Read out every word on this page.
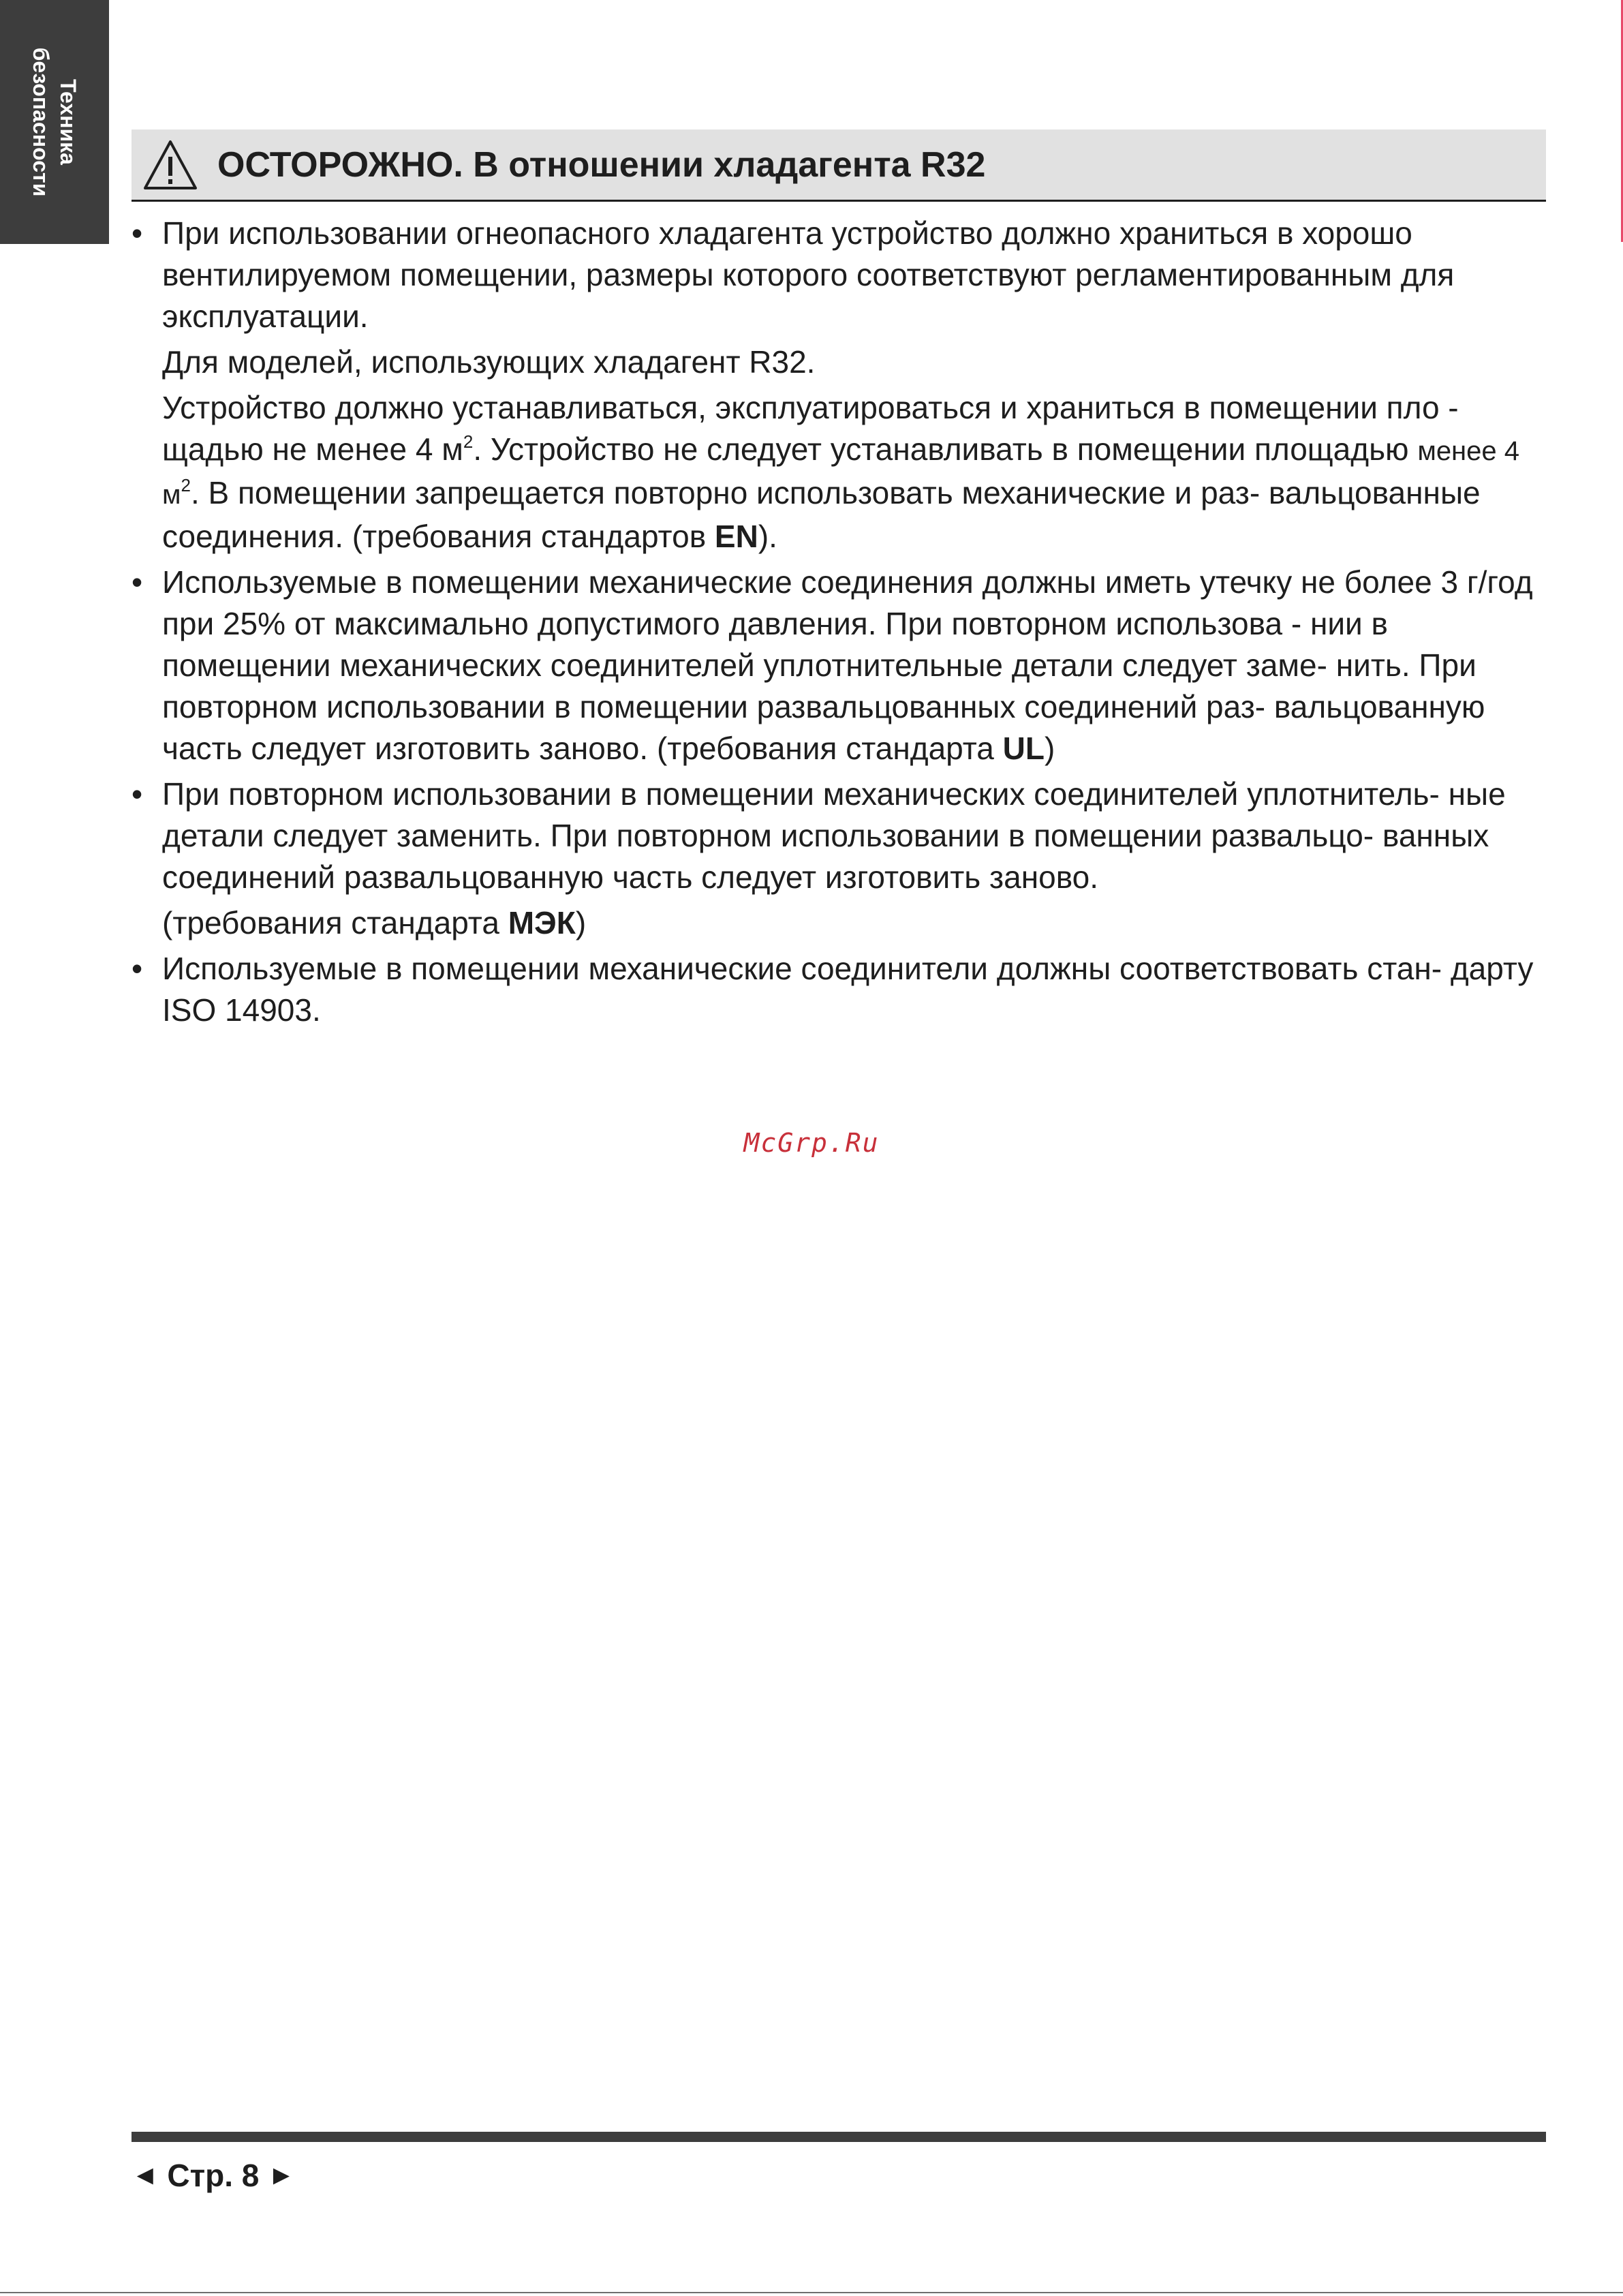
Техника
безопасности	ОСТОРОЖНО. В отношении хладагента R32
• При использовании огнеопасного хладагента устройство должно храниться в хорошо вентилируемом помещении, размеры которого соответствуют регламентированным для эксплуатации.

Для моделей, использующих хладагент R32.

Устройство должно устанавливаться, эксплуатироваться и храниться в помещении пло - щадью не менее 4 $м^2$. Устройство не следует устанавливать в помещении площадью менее 4 $м^2$. В помещении запрещается повторно использовать механические и раз- вальцованные соединения. (требования стандартов EN).

• Используемые в помещении механические соединения должны иметь утечку не более 3 г/год при 25% от максимально допустимого давления. При повторном использова - нии в помещении механических соединителей уплотнительные детали следует заме- нить. При повторном использовании в помещении развальцованных соединений раз- вальцованную часть следует изготовить заново. (требования стандарта UL)

• При повторном использовании в помещении механических соединителей уплотнитель- ные детали следует заменить. При повторном использовании в помещении развальцо- ванных соединений развальцованную часть следует изготовить заново.

(требования стандарта МЭК)

• Используемые в помещении механические соединители должны соответствовать стан- дарту ISO 14903.

McGrp.Ru
◄ Стр. 8 ►
